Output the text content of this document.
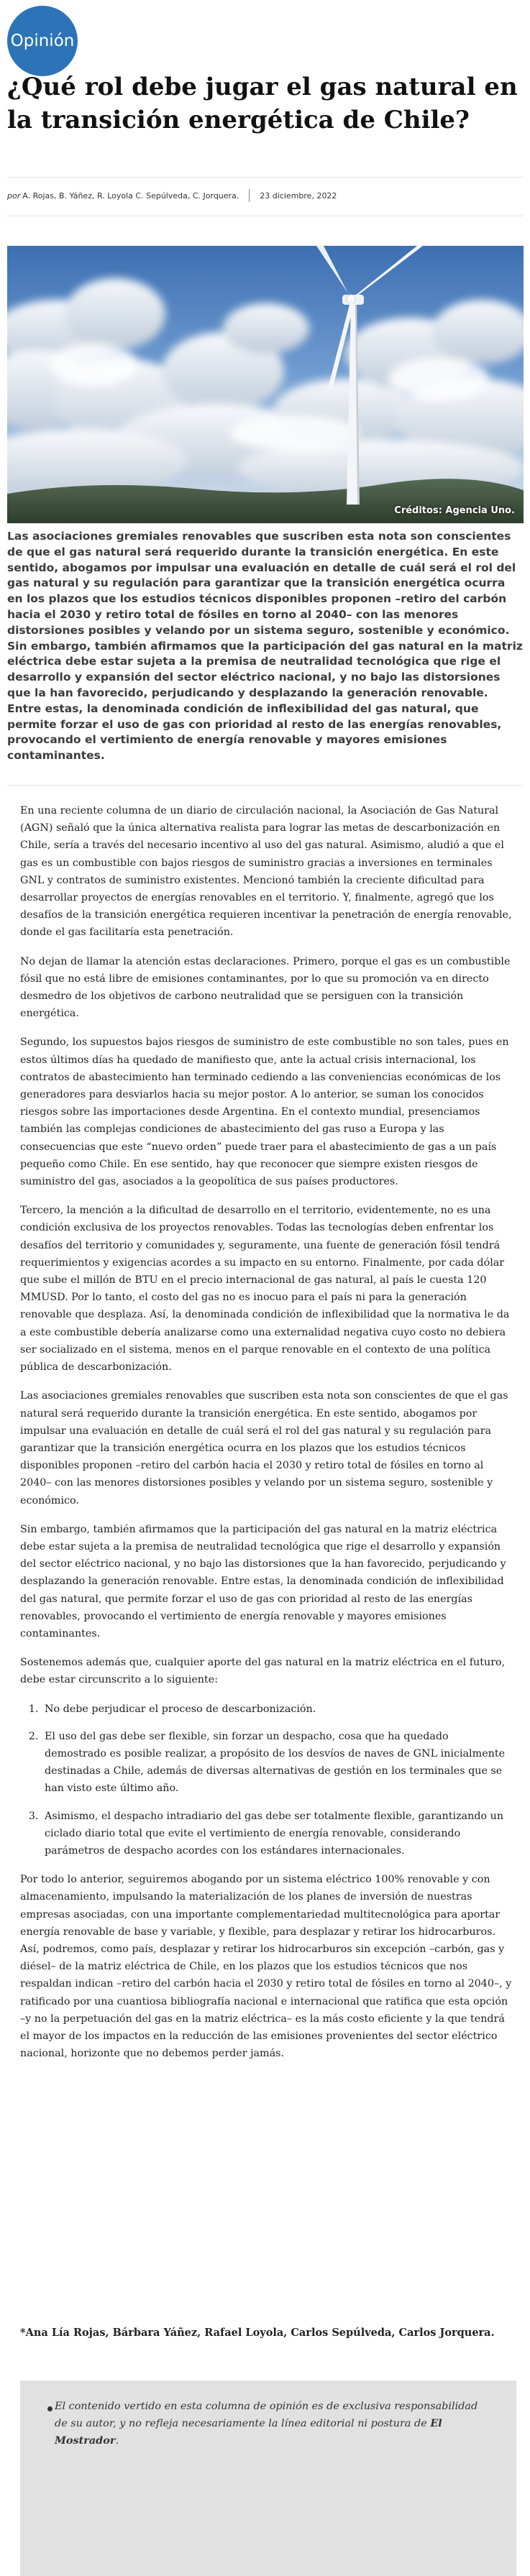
Opinión
¿Qué rol debe jugar el gas natural en la transición energética de Chile?
por A. Rojas, B. Yáñez, R. Loyola C. Sepúlveda, C. Jorquera.	23 diciembre, 2022
Créditos: Agencia Uno.

Las asociaciones gremiales renovables que suscriben esta nota son conscientes de que el gas natural será requerido durante la transición energética. En este sentido, abogamos por impulsar una evaluación en detalle de cuál será el rol del gas natural y su regulación para garantizar que la transición energética ocurra en los plazos que los estudios técnicos disponibles proponen –retiro del carbón hacia el 2030 y retiro total de fósiles en torno al 2040– con las menores distorsiones posibles y velando por un sistema seguro, sostenible y económico. Sin embargo, también afirmamos que la participación del gas natural en la matriz eléctrica debe estar sujeta a la premisa de neutralidad tecnológica que rige el desarrollo y expansión del sector eléctrico nacional, y no bajo las distorsiones que la han favorecido, perjudicando y desplazando la generación renovable. Entre estas, la denominada condición de inflexibilidad del gas natural, que permite forzar el uso de gas con prioridad al resto de las energías renovables, provocando el vertimiento de energía renovable y mayores emisiones contaminantes.

En una reciente columna de un diario de circulación nacional, la Asociación de Gas Natural (AGN) señaló que la única alternativa realista para lograr las metas de descarbonización en Chile, sería a través del necesario incentivo al uso del gas natural. Asimismo, aludió a que el gas es un combustible con bajos riesgos de suministro gracias a inversiones en terminales GNL y contratos de suministro existentes. Mencionó también la creciente dificultad para desarrollar proyectos de energías renovables en el territorio. Y, finalmente, agregó que los desafíos de la transición energética requieren incentivar la penetración de energía renovable, donde el gas facilitaría esta penetración.

No dejan de llamar la atención estas declaraciones. Primero, porque el gas es un combustible fósil que no está libre de emisiones contaminantes, por lo que su promoción va en directo desmedro de los objetivos de carbono neutralidad que se persiguen con la transición energética.

Segundo, los supuestos bajos riesgos de suministro de este combustible no son tales, pues en estos últimos días ha quedado de manifiesto que, ante la actual crisis internacional, los contratos de abastecimiento han terminado cediendo a las conveniencias económicas de los generadores para desviarlos hacia su mejor postor. A lo anterior, se suman los conocidos riesgos sobre las importaciones desde Argentina. En el contexto mundial, presenciamos también las complejas condiciones de abastecimiento del gas ruso a Europa y las consecuencias que este “nuevo orden” puede traer para el abastecimiento de gas a un país pequeño como Chile. En ese sentido, hay que reconocer que siempre existen riesgos de suministro del gas, asociados a la geopolítica de sus países productores.

Tercero, la mención a la dificultad de desarrollo en el territorio, evidentemente, no es una condición exclusiva de los proyectos renovables. Todas las tecnologías deben enfrentar los desafíos del territorio y comunidades y, seguramente, una fuente de generación fósil tendrá requerimientos y exigencias acordes a su impacto en su entorno. Finalmente, por cada dólar que sube el millón de BTU en el precio internacional de gas natural, al país le cuesta 120 MMUSD. Por lo tanto, el costo del gas no es inocuo para el país ni para la generación renovable que desplaza. Así, la denominada condición de inflexibilidad que la normativa le da a este combustible debería analizarse como una externalidad negativa cuyo costo no debiera ser socializado en el sistema, menos en el parque renovable en el contexto de una política pública de descarbonización.

Las asociaciones gremiales renovables que suscriben esta nota son conscientes de que el gas natural será requerido durante la transición energética. En este sentido, abogamos por impulsar una evaluación en detalle de cuál será el rol del gas natural y su regulación para garantizar que la transición energética ocurra en los plazos que los estudios técnicos disponibles proponen –retiro del carbón hacia el 2030 y retiro total de fósiles en torno al 2040– con las menores distorsiones posibles y velando por un sistema seguro, sostenible y económico.

Sin embargo, también afirmamos que la participación del gas natural en la matriz eléctrica debe estar sujeta a la premisa de neutralidad tecnológica que rige el desarrollo y expansión del sector eléctrico nacional, y no bajo las distorsiones que la han favorecido, perjudicando y desplazando la generación renovable. Entre estas, la denominada condición de inflexibilidad del gas natural, que permite forzar el uso de gas con prioridad al resto de las energías renovables, provocando el vertimiento de energía renovable y mayores emisiones contaminantes.

Sostenemos además que, cualquier aporte del gas natural en la matriz eléctrica en el futuro, debe estar circunscrito a lo siguiente:

1. No debe perjudicar el proceso de descarbonización.
2. El uso del gas debe ser flexible, sin forzar un despacho, cosa que ha quedado demostrado es posible realizar, a propósito de los desvíos de naves de GNL inicialmente destinadas a Chile, además de diversas alternativas de gestión en los terminales que se han visto este último año.
3. Asimismo, el despacho intradiario del gas debe ser totalmente flexible, garantizando un ciclado diario total que evite el vertimiento de energía renovable, considerando parámetros de despacho acordes con los estándares internacionales.

Por todo lo anterior, seguiremos abogando por un sistema eléctrico 100% renovable y con almacenamiento, impulsando la materialización de los planes de inversión de nuestras empresas asociadas, con una importante complementariedad multitecnológica para aportar energía renovable de base y variable, y flexible, para desplazar y retirar los hidrocarburos. Así, podremos, como país, desplazar y retirar los hidrocarburos sin excepción –carbón, gas y diésel– de la matriz eléctrica de Chile, en los plazos que los estudios técnicos que nos respaldan indican –retiro del carbón hacia el 2030 y retiro total de fósiles en torno al 2040–, y ratificado por una cuantiosa bibliografía nacional e internacional que ratifica que esta opción –y no la perpetuación del gas en la matriz eléctrica– es la más costo eficiente y la que tendrá el mayor de los impactos en la reducción de las emisiones provenientes del sector eléctrico nacional, horizonte que no debemos perder jamás.

*Ana Lía Rojas, Bárbara Yáñez, Rafael Loyola, Carlos Sepúlveda, Carlos Jorquera.

El contenido vertido en esta columna de opinión es de exclusiva responsabilidad de su autor, y no refleja necesariamente la línea editorial ni postura de El Mostrador.
